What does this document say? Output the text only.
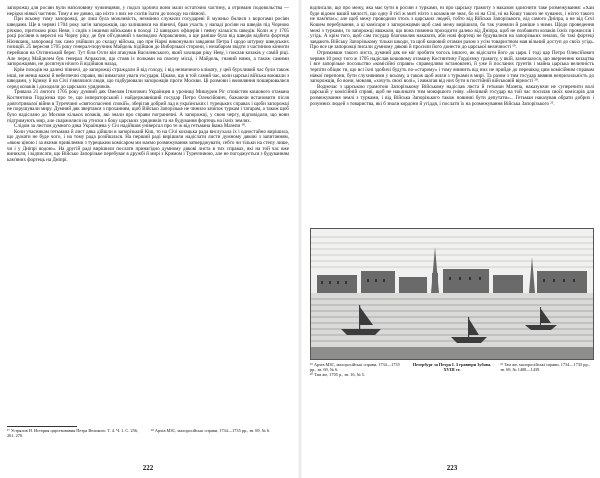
запорожці для росіян були наполовину чужинцями, у поділі здобичі вони мали остаточно частину, а отримані подовольства — нерідко ніякої частини. Тому я не дивно, що ніхто з них не схотів їхати до походу на півночі.

При всьому тому запорожці, де лиш була можливість, незмінно служили государеві й мужньо билися з ворогами росіян шведами. Ще в червні 1704 року загін запорожців, що залишився на півночі, брав участь у нападі росіян на шведів під Чорною річкою, притокою ріки Неви, і сидів з іншими військами в поході 12 швидких офіцерів і певну кількість шведів. Коли ж у 1705 році росіяни в вересні на Чорну ріку, де був об'єднаний з воєводою Апраксиним, а ще раніше була від шведів відбита фортеця Нієншанц, запорожці так само увійшли до складу війська, що при Нарві виконували завдання Петра I щодо штурму шведських позицій. 25 вересня 1705 року генерал-поручник Майдель підійшов до Виборзької сторони, і незабаром звідти з частиною кінноти перейшов на Охтинський берег. Тут біля Охти він атакував Василевського, який захищав ріку Неву, і поклав козаків у самій ріці. Але перед Майделем був генерал Апраксин, що стояв із полками на своєму місці, і Майдель, гнаний ними, а також самими запорожцями, не досягнув нічого й відійшов назад.

Крім походів на далекі півночі, де запорожці страждали й від голоду, і від незвичного клімату, у цей бурхливий час були також інші, не менш важкі й небезпечні справи, які вимагали уваги государя. Цікаво, що в той самий час, коли царські війська воювали з шведами, у Криму й на Січі з'являлися люди, що підбурювали запорожців проти Москви. Ці розмови і вмовляння поширювалися серед козаків і доходили до царських урядників.

Тривала 21 лютого 1705 року думний дяк Омелян Ігнатович Українцев в урочищі Мишурин Ріг сповістив кошового отамана Костянтина Гордієнка про те, що імператорський і найдержавніший государ Петро Олексійович, бажаючи встановити після довготривалої війни в Туреччині «святоспасенні спокій», зберігав добрий лад в українських і турецьких справах і щоби запорожці не порушували миру. Думний дяк звертався з проханням, щоб Військо Запорізьке не чинило зачіпок туркам і татарам, а також щоб було надіслано до Москви кількох козаків, які знали про справи пограничні. А запорожці, у свою чергу, відповідали, що вони підтримують мир, але скаржилися на утиски з боку царських урядників та на будування фортець на їхніх землях.

Слідом за листом думного дяка Українцева у Січ надійшов універсал про те ж від гетьмана Івана Мазепи ¹⁸.

Коли учасникам гетьмана й лист дяка дійшли в запорізький Кіш, то на Січі козацька рада вислухала їх і одностайно вирішила, що думати не буде чого, і на тому рада розійшлася. На перший раді вирішили надіслати листи думному дякові з запитанням, «якою ціною і за якими привілеями з турецьким комісаром ми маємо розмежування затверджувати, себто чи тільки на степу лише, чи і у Дніпрі водою». На другій раді вирішили послати принагідно думному дякові листа в тих справах, які на той час вже виникли, і відписати, що Військо Запорізьке перебуває в дружбі й мирі з Кримом і Туреччиною, але не погоджується з будуванням кам'яних фортець на Дніпрі.

¹⁷ Устрялов Н. История царствования Петра Великого. Т. 4. Ч. 1. С. 256, 261, 270.
¹⁸ Архів МЗС, малоросійські справи, 1734—1735 рр., зв. 69, № 6.
222

відписали, що про межу, яка має бути в росіян з турками, ні про царську грамоту з наказом здійснити таке розмежування: «Хай буде відомо вашій милості, що одну й тієї ж миті ніхто з козаків не знає, бо ні на Січі, ні на Кошу такого не чуваних, і ніхто такого не пам'ятає»; але щоб межу проводили хтось з царських людей, тобто від Військо Запорізького, від самого Дніпра, а не від Сєчі Кошем перебування, а ці комісари з запорожцями щоб самі межу вирішили, бо так учиняли й раніше з ними. Щодо проведення межі з турками, то запорожці вважали, що вона повинна проходити далеко від Дніпра, щоб не позбавити козаків їхніх промислів і угідь. А крім того, щоб сам государ благоволив наказати, аби нові фортеці не будувалися на запорізьких землях, бо такі фортеці завдають Війську Запорізькому тільки шкоди, та щоб кошовий отаман разом з усім товариством мав вільний доступ до своїх угідь. Про все це запорожці писали думному дякові й просили його донести до царської величності ¹⁹.

Отримавши такого листа, думний дяк не міг зробити чогось іншого, як відіслати його до царя. І тоді цар Петро Олексійович червня 10 року того ж 1705 надіслав кошовому отаману Костянтину Гордієнку грамоту, у якій, зазначалося, що зверненню козацтва і все запорізьке посольство «комісійні справи» справедливо встановлені, й уже й посланих ґрунтів і майна царська величність терпіти обіцяє ти, що всі їхні здобичі будуть по-«старому» і тому вчинить від них не прийде до перешкод цим комісійним справам ніякої перепони, бути слухняними у всьому, а також щоб жили з турками в мирі. Та разом з тим государ виявив неприхильність до запорожців, бо вони, мовляв, «хочуть своєї волі», і вимагав від них бути в постійній військовій вірності ²⁰.

Водночас з царською грамотою Запорізькому Війському надіслав листа й гетьман Мазепа, наказуючи не суперечити волі царській у комісійній справі, щоб не накликати тим монаршого гніву. «Великий государ на той час посилав своїх комісарів для розмежування землі з турками, і від Війська Запорізького також повинні бути депутати»... Гетьман наказував обрати добрих і розумних людей з товариства, які б знали кордони й угіддя, і послати їх на розмежування Війська Запорізького ²¹.

¹⁹ Архів МЗС, малоросійські справи, 1734—1735 рр., зв. 69, № 6.
²⁰ Там же, 1705 р., зв. 16, № 5.
Петербург за Петра I. З гравюри Зубова. XVIII ст.
²¹ Там же, малоросійські справи, 1734—1735 рр., зв. 69, № 1408—1439.
223
